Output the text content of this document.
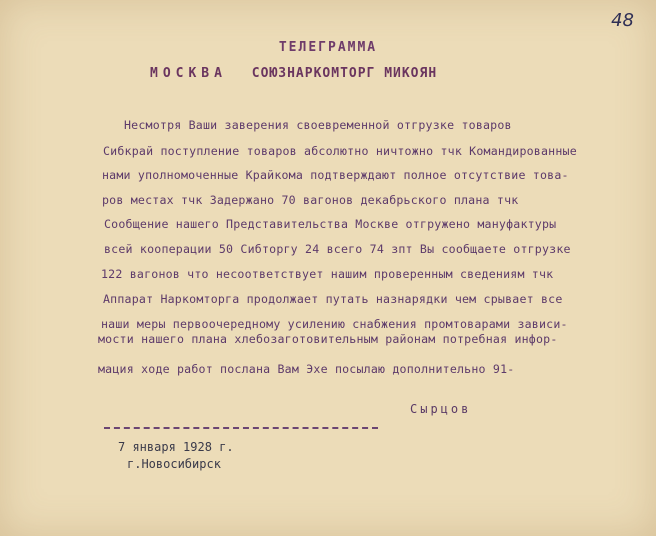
48
ТЕЛЕГРАММА
МОСКВА СОЮЗНАРКОМТОРГ МИКОЯН
Несмотря Ваши заверения своевременной отгрузке товаров
Сибкрай поступление товаров абсолютно ничтожно тчк Командированные
нами уполномоченные Крайкома подтверждают полное отсутствие това-
ров местах тчк Задержано 70 вагонов декабрьского плана тчк
Сообщение нашего Представительства Москве отгружено мануфактуры
всей кооперации 50 Сибторгу 24 всего 74 зпт Вы сообщаете отгрузке
122 вагонов что несоответствует нашим проверенным сведениям тчк
Аппарат Наркомторга продолжает путать назнарядки чем срывает все
наши меры первоочередному усилению снабжения промтоварами зависи-
мости нашего плана хлебозаготовительным районам потребная инфор-
мация ходе работ послана Вам Эхе посылаю дополнительно 91-
Сырцов
7 января 1928 г.
г.Новосибирск
